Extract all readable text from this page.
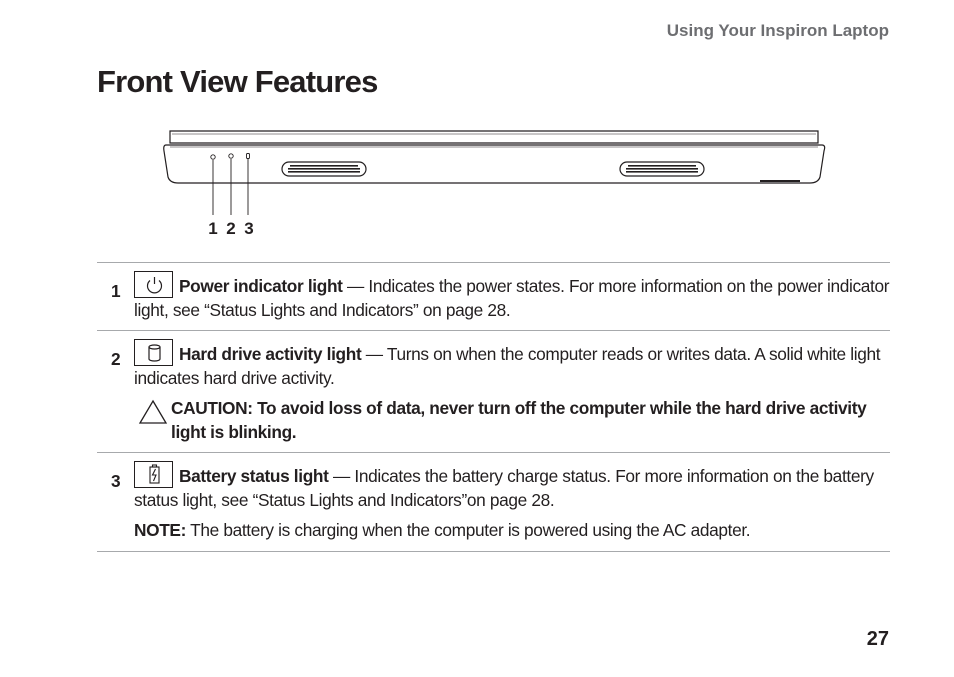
Using Your Inspiron Laptop
Front View Features
1 2 3
1	Power indicator light — Indicates the power states. For more information on the power indicator light, see “Status Lights and Indicators” on page 28.
2	Hard drive activity light — Turns on when the computer reads or writes data. A solid white light indicates hard drive activity.
CAUTION: To avoid loss of data, never turn off the computer while the hard drive activity light is blinking.
3	Battery status light — Indicates the battery charge status. For more information on the battery status light, see “Status Lights and Indicators”on page 28.
NOTE: The battery is charging when the computer is powered using the AC adapter.
27
